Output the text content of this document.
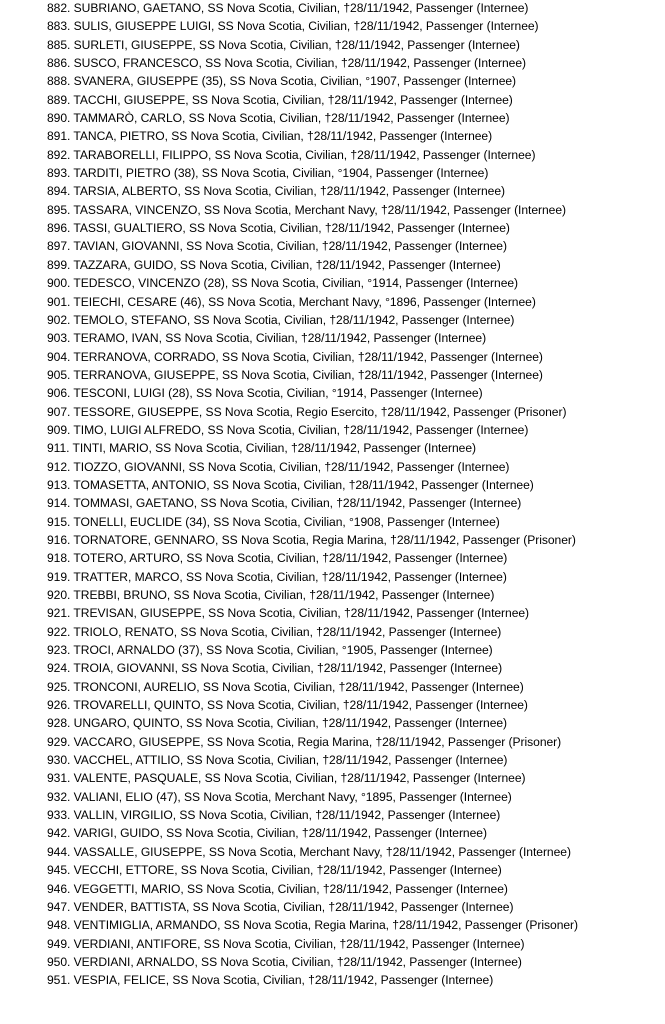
882. SUBRIANO, GAETANO, SS Nova Scotia, Civilian, †28/11/1942, Passenger (Internee)
883. SULIS, GIUSEPPE LUIGI, SS Nova Scotia, Civilian, †28/11/1942, Passenger (Internee)
885. SURLETI, GIUSEPPE, SS Nova Scotia, Civilian, †28/11/1942, Passenger (Internee)
886. SUSCO, FRANCESCO, SS Nova Scotia, Civilian, †28/11/1942, Passenger (Internee)
888. SVANERA, GIUSEPPE (35), SS Nova Scotia, Civilian, °1907, Passenger (Internee)
889. TACCHI, GIUSEPPE, SS Nova Scotia, Civilian, †28/11/1942, Passenger (Internee)
890. TAMMARÒ, CARLO, SS Nova Scotia, Civilian, †28/11/1942, Passenger (Internee)
891. TANCA, PIETRO, SS Nova Scotia, Civilian, †28/11/1942, Passenger (Internee)
892. TARABORELLI, FILIPPO, SS Nova Scotia, Civilian, †28/11/1942, Passenger (Internee)
893. TARDITI, PIETRO (38), SS Nova Scotia, Civilian, °1904, Passenger (Internee)
894. TARSIA, ALBERTO, SS Nova Scotia, Civilian, †28/11/1942, Passenger (Internee)
895. TASSARA, VINCENZO, SS Nova Scotia, Merchant Navy, †28/11/1942, Passenger (Internee)
896. TASSI, GUALTIERO, SS Nova Scotia, Civilian, †28/11/1942, Passenger (Internee)
897. TAVIAN, GIOVANNI, SS Nova Scotia, Civilian, †28/11/1942, Passenger (Internee)
899. TAZZARA, GUIDO, SS Nova Scotia, Civilian, †28/11/1942, Passenger (Internee)
900. TEDESCO, VINCENZO (28), SS Nova Scotia, Civilian, °1914, Passenger (Internee)
901. TEIECHI, CESARE (46), SS Nova Scotia, Merchant Navy, °1896, Passenger (Internee)
902. TEMOLO, STEFANO, SS Nova Scotia, Civilian, †28/11/1942, Passenger (Internee)
903. TERAMO, IVAN, SS Nova Scotia, Civilian, †28/11/1942, Passenger (Internee)
904. TERRANOVA, CORRADO, SS Nova Scotia, Civilian, †28/11/1942, Passenger (Internee)
905. TERRANOVA, GIUSEPPE, SS Nova Scotia, Civilian, †28/11/1942, Passenger (Internee)
906. TESCONI, LUIGI (28), SS Nova Scotia, Civilian, °1914, Passenger (Internee)
907. TESSORE, GIUSEPPE, SS Nova Scotia, Regio Esercito, †28/11/1942, Passenger (Prisoner)
909. TIMO, LUIGI ALFREDO, SS Nova Scotia, Civilian, †28/11/1942, Passenger (Internee)
911. TINTI, MARIO, SS Nova Scotia, Civilian, †28/11/1942, Passenger (Internee)
912. TIOZZO, GIOVANNI, SS Nova Scotia, Civilian, †28/11/1942, Passenger (Internee)
913. TOMASETTA, ANTONIO, SS Nova Scotia, Civilian, †28/11/1942, Passenger (Internee)
914. TOMMASI, GAETANO, SS Nova Scotia, Civilian, †28/11/1942, Passenger (Internee)
915. TONELLI, EUCLIDE (34), SS Nova Scotia, Civilian, °1908, Passenger (Internee)
916. TORNATORE, GENNARO, SS Nova Scotia, Regia Marina, †28/11/1942, Passenger (Prisoner)
918. TOTERO, ARTURO, SS Nova Scotia, Civilian, †28/11/1942, Passenger (Internee)
919. TRATTER, MARCO, SS Nova Scotia, Civilian, †28/11/1942, Passenger (Internee)
920. TREBBI, BRUNO, SS Nova Scotia, Civilian, †28/11/1942, Passenger (Internee)
921. TREVISAN, GIUSEPPE, SS Nova Scotia, Civilian, †28/11/1942, Passenger (Internee)
922. TRIOLO, RENATO, SS Nova Scotia, Civilian, †28/11/1942, Passenger (Internee)
923. TROCI, ARNALDO (37), SS Nova Scotia, Civilian, °1905, Passenger (Internee)
924. TROIA, GIOVANNI, SS Nova Scotia, Civilian, †28/11/1942, Passenger (Internee)
925. TRONCONI, AURELIO, SS Nova Scotia, Civilian, †28/11/1942, Passenger (Internee)
926. TROVARELLI, QUINTO, SS Nova Scotia, Civilian, †28/11/1942, Passenger (Internee)
928. UNGARO, QUINTO, SS Nova Scotia, Civilian, †28/11/1942, Passenger (Internee)
929. VACCARO, GIUSEPPE, SS Nova Scotia, Regia Marina, †28/11/1942, Passenger (Prisoner)
930. VACCHEL, ATTILIO, SS Nova Scotia, Civilian, †28/11/1942, Passenger (Internee)
931. VALENTE, PASQUALE, SS Nova Scotia, Civilian, †28/11/1942, Passenger (Internee)
932. VALIANI, ELIO (47), SS Nova Scotia, Merchant Navy, °1895, Passenger (Internee)
933. VALLIN, VIRGILIO, SS Nova Scotia, Civilian, †28/11/1942, Passenger (Internee)
942. VARIGI, GUIDO, SS Nova Scotia, Civilian, †28/11/1942, Passenger (Internee)
944. VASSALLE, GIUSEPPE, SS Nova Scotia, Merchant Navy, †28/11/1942, Passenger (Internee)
945. VECCHI, ETTORE, SS Nova Scotia, Civilian, †28/11/1942, Passenger (Internee)
946. VEGGETTI, MARIO, SS Nova Scotia, Civilian, †28/11/1942, Passenger (Internee)
947. VENDER, BATTISTA, SS Nova Scotia, Civilian, †28/11/1942, Passenger (Internee)
948. VENTIMIGLIA, ARMANDO, SS Nova Scotia, Regia Marina, †28/11/1942, Passenger (Prisoner)
949. VERDIANI, ANTIFORE, SS Nova Scotia, Civilian, †28/11/1942, Passenger (Internee)
950. VERDIANI, ARNALDO, SS Nova Scotia, Civilian, †28/11/1942, Passenger (Internee)
951. VESPIA, FELICE, SS Nova Scotia, Civilian, †28/11/1942, Passenger (Internee)
